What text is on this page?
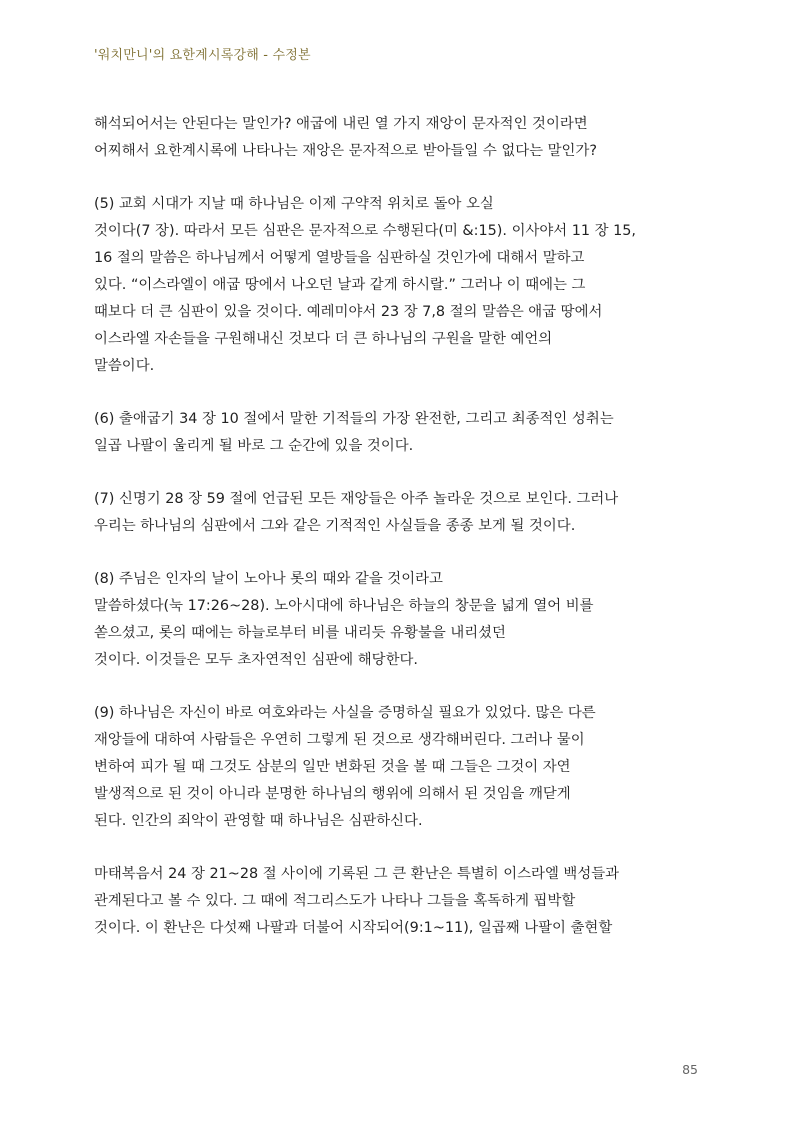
'워치만니'의 요한계시록강해 - 수정본

해석되어서는 안된다는 말인가? 애굽에 내린 열 가지 재앙이 문자적인 것이라면
어찌해서 요한계시록에 나타나는 재앙은 문자적으로 받아들일 수 없다는 말인가?

(5) 교회 시대가 지날 때 하나님은 이제 구약적 위치로 돌아 오실
것이다(7 장). 따라서 모든 심판은 문자적으로 수행된다(미 &:15). 이사야서 11 장 15,
16 절의 말씀은 하나님께서 어떻게 열방들을 심판하실 것인가에 대해서 말하고
있다. “이스라엘이 애굽 땅에서 나오던 날과 같게 하시랄.” 그러나 이 때에는 그
때보다 더 큰 심판이 있을 것이다. 예레미야서 23 장 7,8 절의 말씀은 애굽 땅에서
이스라엘 자손들을 구원해내신 것보다 더 큰 하나님의 구원을 말한 예언의
말씀이다.

(6) 출애굽기 34 장 10 절에서 말한 기적들의 가장 완전한, 그리고 최종적인 성취는
일곱 나팔이 울리게 될 바로 그 순간에 있을 것이다.

(7) 신명기 28 장 59 절에 언급된 모든 재앙들은 아주 놀라운 것으로 보인다. 그러나
우리는 하나님의 심판에서 그와 같은 기적적인 사실들을 종종 보게 될 것이다.

(8) 주님은 인자의 날이 노아나 롯의 때와 같을 것이라고
말씀하셨다(눅 17:26~28). 노아시대에 하나님은 하늘의 창문을 넓게 열어 비를
쏟으셨고, 롯의 때에는 하늘로부터 비를 내리듯 유황불을 내리셨던
것이다. 이것들은 모두 초자연적인 심판에 해당한다.

(9) 하나님은 자신이 바로 여호와라는 사실을 증명하실 필요가 있었다. 많은 다른
재앙들에 대하여 사람들은 우연히 그렇게 된 것으로 생각해버린다. 그러나 물이
변하여 피가 될 때 그것도 삼분의 일만 변화된 것을 볼 때 그들은 그것이 자연
발생적으로 된 것이 아니라 분명한 하나님의 행위에 의해서 된 것임을 깨닫게
된다. 인간의 죄악이 관영할 때 하나님은 심판하신다.

마태복음서 24 장 21~28 절 사이에 기록된 그 큰 환난은 특별히 이스라엘 백성들과
관계된다고 볼 수 있다. 그 때에 적그리스도가 나타나 그들을 혹독하게 핍박할
것이다. 이 환난은 다섯째 나팔과 더불어 시작되어(9:1~11), 일곱째 나팔이 출현할

85
